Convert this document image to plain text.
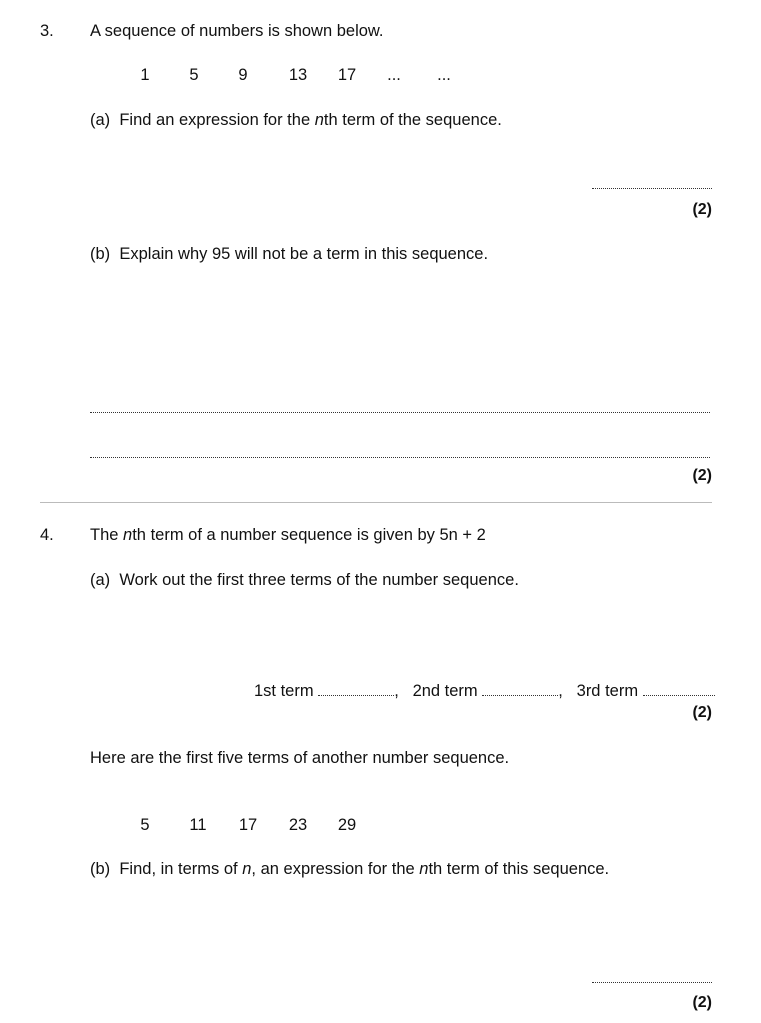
3. A sequence of numbers is shown below.
1	5	9	13	17	...	...
(a) Find an expression for the nth term of the sequence.
(2)
(b) Explain why 95 will not be a term in this sequence.
(2)
4. The nth term of a number sequence is given by 5n + 2
(a) Work out the first three terms of the number sequence.
1st term	, 2nd term	, 3rd term
(2)
Here are the first five terms of another number sequence.
5	11	17	23	29
(b) Find, in terms of n, an expression for the nth term of this sequence.
(2)
